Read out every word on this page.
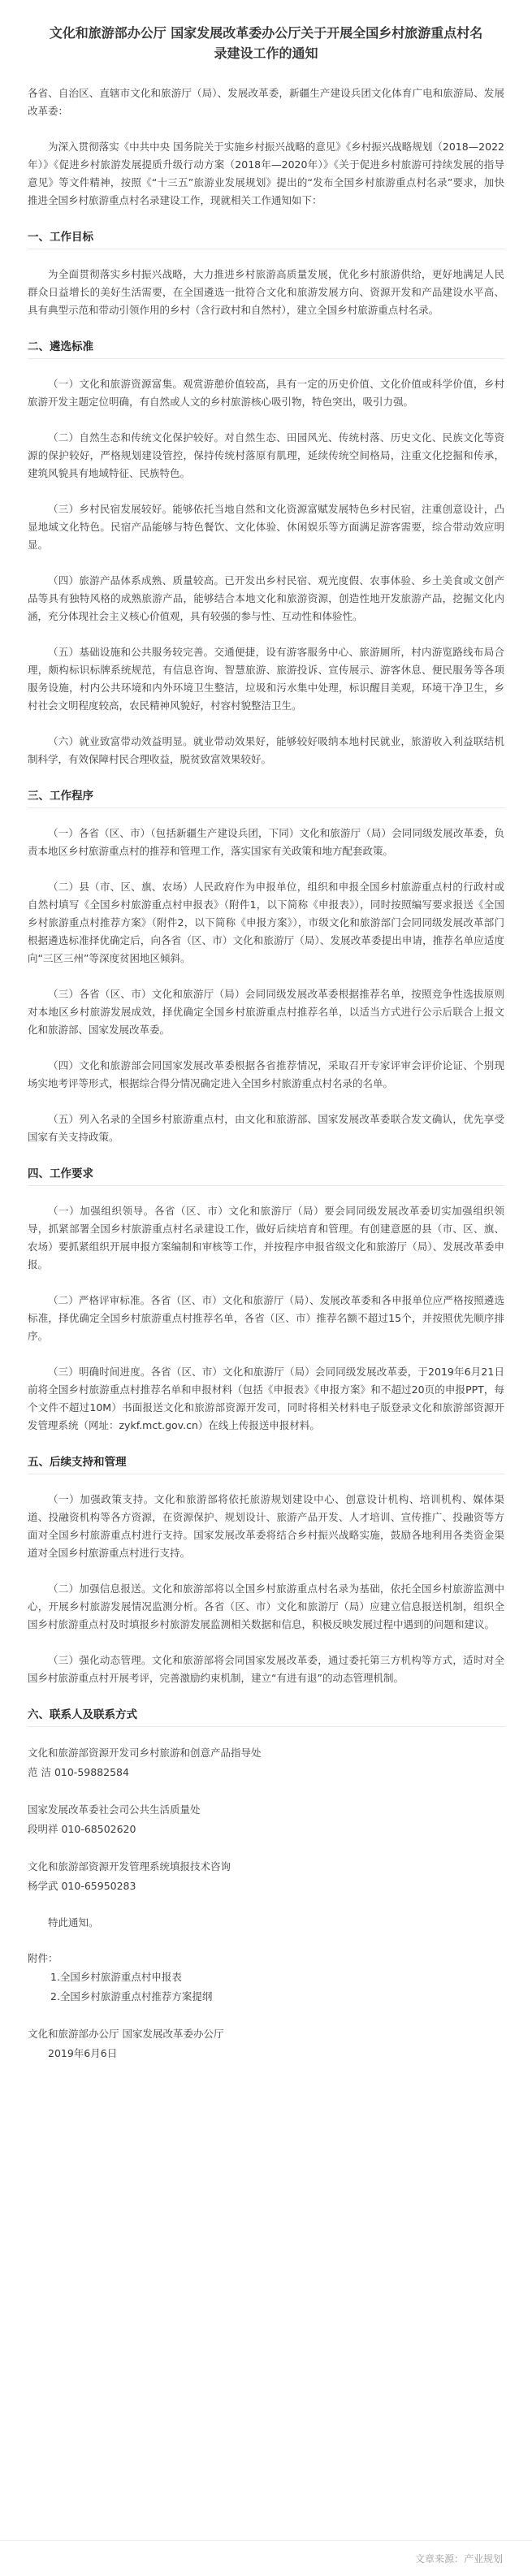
文化和旅游部办公厅 国家发展改革委办公厅关于开展全国乡村旅游重点村名录建设工作的通知

各省、自治区、直辖市文化和旅游厅（局）、发展改革委，新疆生产建设兵团文化体育广电和旅游局、发展改革委：

为深入贯彻落实《中共中央 国务院关于实施乡村振兴战略的意见》《乡村振兴战略规划（2018—2022年）》《促进乡村旅游发展提质升级行动方案（2018年—2020年）》《关于促进乡村旅游可持续发展的指导意见》等文件精神，按照《“十三五”旅游业发展规划》提出的“发布全国乡村旅游重点村名录”要求，加快推进全国乡村旅游重点村名录建设工作，现就相关工作通知如下：

一、工作目标

为全面贯彻落实乡村振兴战略，大力推进乡村旅游高质量发展，优化乡村旅游供给，更好地满足人民群众日益增长的美好生活需要，在全国遴选一批符合文化和旅游发展方向、资源开发和产品建设水平高、具有典型示范和带动引领作用的乡村（含行政村和自然村），建立全国乡村旅游重点村名录。

二、遴选标准

（一）文化和旅游资源富集。观赏游憩价值较高，具有一定的历史价值、文化价值或科学价值，乡村旅游开发主题定位明确，有自然或人文的乡村旅游核心吸引物，特色突出，吸引力强。

（二）自然生态和传统文化保护较好。对自然生态、田园风光、传统村落、历史文化、民族文化等资源的保护较好，严格规划建设管控，保持传统村落原有肌理，延续传统空间格局，注重文化挖掘和传承，建筑风貌具有地域特征、民族特色。

（三）乡村民宿发展较好。能够依托当地自然和文化资源富赋发展特色乡村民宿，注重创意设计，凸显地域文化特色。民宿产品能够与特色餐饮、文化体验、休闲娱乐等方面满足游客需要，综合带动效应明显。

（四）旅游产品体系成熟、质量较高。已开发出乡村民宿、观光度假、农事体验、乡土美食或文创产品等具有独特风格的成熟旅游产品，能够结合本地文化和旅游资源，创造性地开发旅游产品，挖掘文化内涵，充分体现社会主义核心价值观，具有较强的参与性、互动性和体验性。

（五）基础设施和公共服务较完善。交通便捷，设有游客服务中心、旅游厕所，村内游览路线布局合理，颇构标识标牌系统规范，有信息咨询、智慧旅游、旅游投诉、宣传展示、游客休息、便民服务等各项服务设施，村内公共环境和内外环境卫生整洁，垃圾和污水集中处理，标识醒目美观，环境干净卫生，乡村社会文明程度较高，农民精神风貌好，村容村貌整洁卫生。

（六）就业致富带动效益明显。就业带动效果好，能够较好吸纳本地村民就业，旅游收入利益联结机制科学，有效保障村民合理收益，脱贫致富效果较好。

三、工作程序

（一）各省（区、市）（包括新疆生产建设兵团，下同）文化和旅游厅（局）会同同级发展改革委，负责本地区乡村旅游重点村的推荐和管理工作，落实国家有关政策和地方配套政策。

（二）县（市、区、旗、农场）人民政府作为申报单位，组织和申报全国乡村旅游重点村的行政村或自然村填写《全国乡村旅游重点村申报表》（附件1，以下简称《申报表》），同时按照编写要求报送《全国乡村旅游重点村推荐方案》（附件2，以下简称《申报方案》），市级文化和旅游部门会同同级发展改革部门根据遴选标准择优确定后，向各省（区、市）文化和旅游厅（局）、发展改革委提出申请，推荐名单应适度向“三区三州”等深度贫困地区倾斜。

（三）各省（区、市）文化和旅游厅（局）会同同级发展改革委根据推荐名单，按照竞争性选拔原则对本地区乡村旅游发展成效，择优确定全国乡村旅游重点村推荐名单，以适当方式进行公示后联合上报文化和旅游部、国家发展改革委。

（四）文化和旅游部会同国家发展改革委根据各省推荐情况，采取召开专家评审会评价论证、个别现场实地考评等形式，根据综合得分情况确定进入全国乡村旅游重点村名录的名单。

（五）列入名录的全国乡村旅游重点村，由文化和旅游部、国家发展改革委联合发文确认，优先享受国家有关支持政策。

四、工作要求

（一）加强组织领导。各省（区、市）文化和旅游厅（局）要会同同级发展改革委切实加强组织领导，抓紧部署全国乡村旅游重点村名录建设工作，做好后续培育和管理。有创建意愿的县（市、区、旗、农场）要抓紧组织开展申报方案编制和审核等工作，并按程序申报省级文化和旅游厅（局）、发展改革委申报。

（二）严格评审标准。各省（区、市）文化和旅游厅（局）、发展改革委和各申报单位应严格按照遴选标准，择优确定全国乡村旅游重点村推荐名单，各省（区、市）推荐名额不超过15个，并按照优先顺序排序。

（三）明确时间进度。各省（区、市）文化和旅游厅（局）会同同级发展改革委，于2019年6月21日前将全国乡村旅游重点村推荐名单和申报材料（包括《申报表》《申报方案》和不超过20页的申报PPT，每个文件不超过10M）书面报送文化和旅游部资源开发司，同时将相关材料电子版登录文化和旅游部资源开发管理系统（网址：zykf.mct.gov.cn）在线上传报送申报材料。

五、后续支持和管理

（一）加强政策支持。文化和旅游部将依托旅游规划建设中心、创意设计机构、培训机构、媒体渠道、投融资机构等各方资源，在资源保护、规划设计、旅游产品开发、人才培训、宣传推广、投融资等方面对全国乡村旅游重点村进行支持。国家发展改革委将结合乡村振兴战略实施，鼓励各地利用各类资金渠道对全国乡村旅游重点村进行支持。

（二）加强信息报送。文化和旅游部将以全国乡村旅游重点村名录为基础，依托全国乡村旅游监测中心，开展乡村旅游发展情况监测分析。各省（区、市）文化和旅游厅（局）应建立信息报送机制，组织全国乡村旅游重点村及时填报乡村旅游发展监测相关数据和信息，积极反映发展过程中遇到的问题和建议。

（三）强化动态管理。文化和旅游部将会同国家发展改革委，通过委托第三方机构等方式，适时对全国乡村旅游重点村开展考评，完善激励约束机制，建立“有进有退”的动态管理机制。

六、联系人及联系方式

文化和旅游部资源开发司乡村旅游和创意产品指导处

范 洁 010-59882584

国家发展改革委社会司公共生活质量处

段明祥 010-68502620

文化和旅游部资源开发管理系统填报技术咨询

杨学武 010-65950283

特此通知。

附件：

1.全国乡村旅游重点村申报表
2.全国乡村旅游重点村推荐方案提纲

文化和旅游部办公厅 国家发展改革委办公厅

2019年6月6日

文章来源：产业规划
